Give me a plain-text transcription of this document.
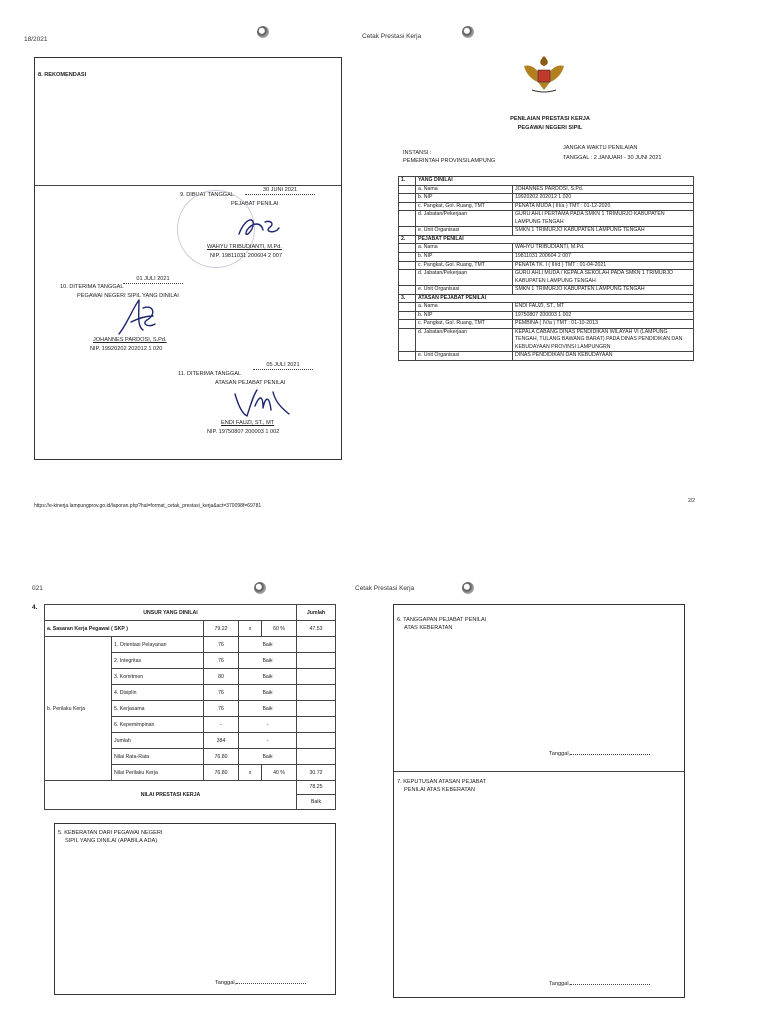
18/2021	Cetak Prestasi Kerja
8. REKOMENDASI
9. DIBUAT TANGGAL
30 JUNI 2021
PEJABAT PENILAI
WAHYU TRIBUDIANTI, M.Pd.
NIP. 19811031 200604 2 007
01 JULI 2021
10. DITERIMA TANGGAL
PEGAWAI NEGERI SIPIL YANG DINILAI
JOHANNES PARDOSI, S.Pd.
NIP. 19920202 202012 1 020
05 JULI 2021
11. DITERIMA TANGGAL
ATASAN PEJABAT PENILAI
ENDI FAUZI, ST., MT
NIP. 19750807 200003 1 002
PENILAIAN PRESTASI KERJA
PEGAWAI NEGERI SIPIL
INSTANSI :
PEMERINTAH PROVINSILAMPUNG
JANGKA WAKTU PENILAIAN
TANGGAL : 2 JANUARI - 30 JUNI 2021
1.	YANG DINILAI	
	a. Nama	JOHANNES PARDOSI, S.Pd.
	b. NIP	19920202 202012 1 020
	c. Pangkat, Gol. Ruang, TMT	PENATA MUDA ( III/a ) TMT : 01-12-2020
	d. Jabatan/Pekerjaan	GURU AHLI PERTAMA PADA SMKN 1 TRIMURJO KABUPATEN LAMPUNG TENGAH
	e. Unit Organisasi	SMKN 1 TRIMURJO KABUPATEN LAMPUNG TENGAH
2.	PEJABAT PENILAI	
	a. Nama	WAHYU TRIBUDIANTI, M.Pd.
	b. NIP	19811031 200604 2 007
	c. Pangkat, Gol. Ruang, TMT	PENATA TK. I ( III/d ) TMT : 01-04-2021
	d. Jabatan/Pekerjaan	GURU AHLI MUDA / KEPALA SEKOLAH PADA SMKN 1 TRIMURJO KABUPATEN LAMPUNG TENGAH
	e. Unit Organisasi	SMKN 1 TRIMURJO KABUPATEN LAMPUNG TENGAH
3.	ATASAN PEJABAT PENILAI	
	a. Nama	ENDI FAUZI, ST., MT
	b. NIP	19750807 200003 1 002
	c. Pangkat, Gol. Ruang, TMT	PEMBINA ( IV/a ) TMT : 01-10-2013
	d. Jabatan/Pekerjaan	KEPALA CABANG DINAS PENDIDIKAN WILAYAH VI (LAMPUNG TENGAH, TULANG BAWANG BARAT) PADA DINAS PENDIDIKAN DAN KEBUDAYAAN PROVINSI LAMPUNGRN
	e. Unit Organisasi	DINAS PENDIDIKAN DAN KEBUDAYAAN
https://e-kinerja.lampungprov.go.id/laporan.php?hal=format_cetak_prestasi_kerja&act=370098f=69781
2/2
021	Cetak Prestasi Kerja
4.
UNSUR YANG DINILAI					Jumlah
a. Sasaran Kerja Pegawai ( SKP )		79.22	x	60 %	47.53
b. Perilaku Kerja	1. Orientasi Pelayanan	76	Baik		
	2. Integritas	76	Baik		
	3. Komitmen	80	Baik		
	4. Disiplin	76	Baik		
	5. Kerjasama	76	Baik		
	6. Kepemimpinan	-	-		
	Jumlah	384	-		
	Nilai Rata-Rata	76.80	Baik		
	Nilai Perilaku Kerja	76.80	x	40 %	30.72
NILAI PRESTASI KERJA					78.25
Baik
5. KEBERATAN DARI PEGAWAI NEGERI
SIPIL YANG DINILAI (APABILA ADA)
Tanggal,
6. TANGGAPAN PEJABAT PENILAI
ATAS KEBERATAN
Tanggal,
7. KEPUTUSAN ATASAN PEJABAT
PENILAI ATAS KEBERATAN
Tanggal,
